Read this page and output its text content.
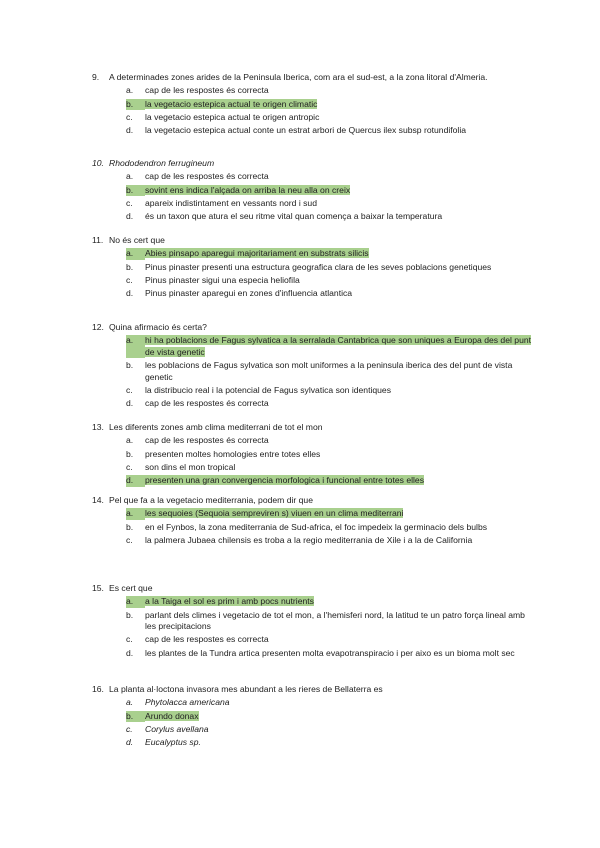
9.	A determinades zones arides de la Peninsula Iberica, com ara el sud-est, a la zona litoral d'Almeria.
a.	cap de les respostes és correcta
b.	la vegetacio estepica actual te origen climatic
c.	la vegetacio estepica actual te origen antropic
d.	la vegetacio estepica actual conte un estrat arbori de Quercus ilex subsp rotundifolia
10. Rhododendron ferrugineum
a.	cap de les respostes és correcta
b.	sovint ens indica l'alçada on arriba la neu alla on creix
c.	apareix indistintament en vessants nord i sud
d.	és un taxon que atura el seu ritme vital quan comença a baixar la temperatura
11. No és cert que
a.	Abies pinsapo aparegui majoritariament en substrats silicis
b.	Pinus pinaster presenti una estructura geografica clara de les seves poblacions genetiques
c.	Pinus pinaster sigui una especia heliofila
d.	Pinus pinaster aparegui en zones d'influencia atlantica
12. Quina afirmacio és certa?
a.	hi ha poblacions de Fagus sylvatica a la serralada Cantabrica que son uniques a Europa des del punt de vista genetic
b.	les poblacions de Fagus sylvatica son molt uniformes a la peninsula iberica des del punt de vista genetic
c.	la distribucio real i la potencial de Fagus sylvatica son identiques
d.	cap de les respostes és correcta
13. Les diferents zones amb clima mediterrani de tot el mon
a.	cap de les respostes és correcta
b.	presenten moltes homologies entre totes elles
c.	son dins el mon tropical
d.	presenten una gran convergencia morfologica i funcional entre totes elles
14. Pel que fa a la vegetacio mediterrania, podem dir que
a.	les sequoies (Sequoia sempreviren s) viuen en un clima mediterrani
b.	en el Fynbos, la zona mediterrania de Sud-africa, el foc impedeix la germinacio dels bulbs
c.	la palmera Jubaea chilensis es troba a la regio mediterrania de Xile i a la de California
15. Es cert que
a.	a la Taiga el sol es prim i amb pocs nutrients
b.	parlant dels climes i vegetacio de tot el mon, a l'hemisferi nord, la latitud te un patro força lineal amb les precipitacions
c.	cap de les respostes es correcta
d.	les plantes de la Tundra artica presenten molta evapotranspiracio i per aixo es un bioma molt sec
16. La planta al·loctona invasora mes abundant a les rieres de Bellaterra es
a.	Phytolacca americana
b.	Arundo donax
c.	Corylus avellana
d.	Eucalyptus sp.
